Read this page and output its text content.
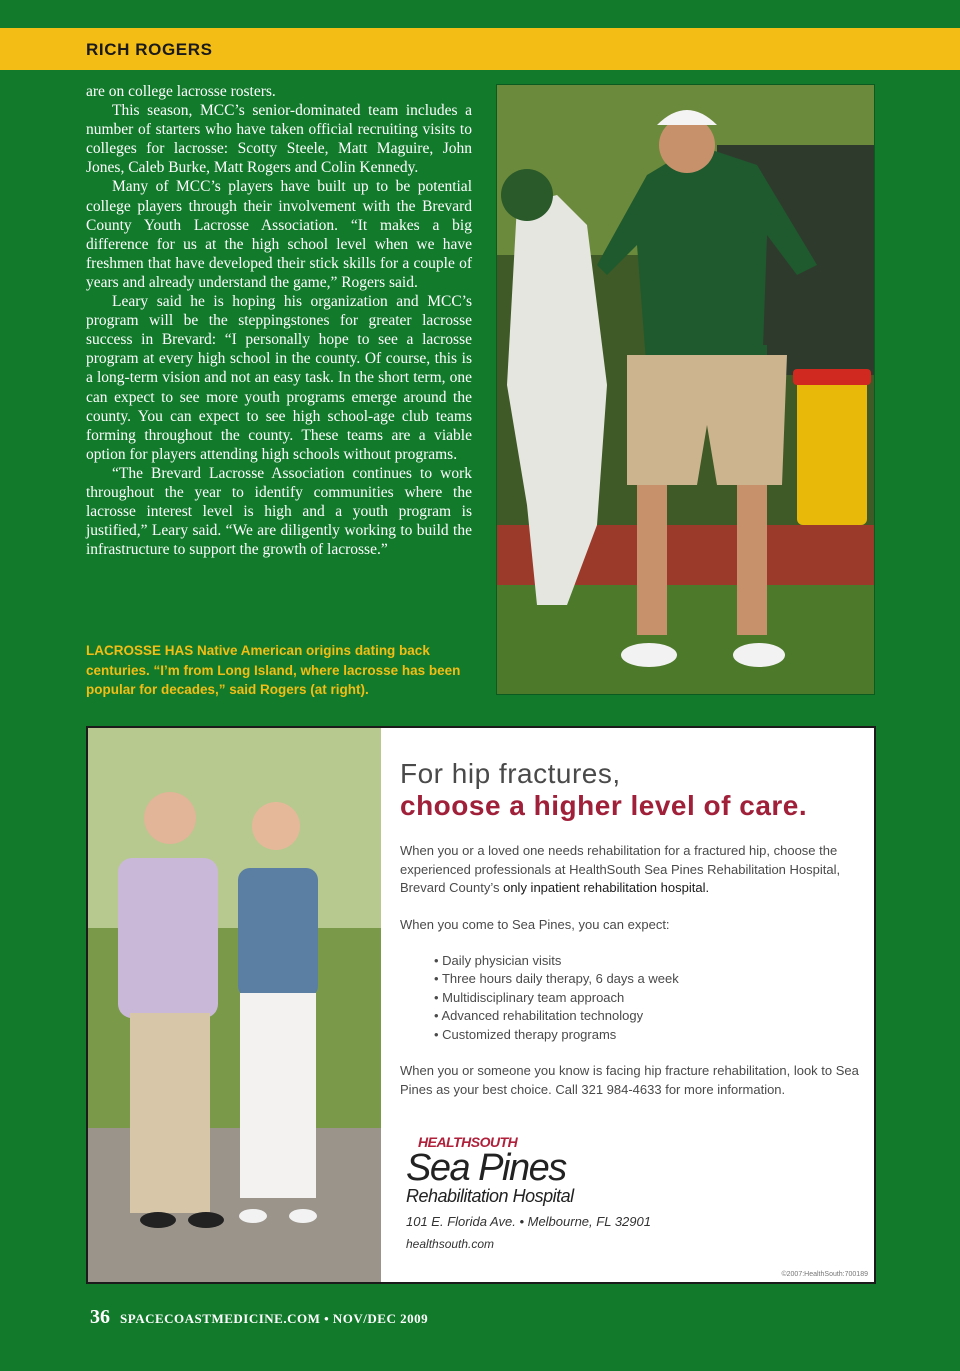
RICH ROGERS

are on college lacrosse rosters.

This season, MCC’s senior-dominated team includes a number of starters who have taken official recruiting visits to colleges for lacrosse: Scotty Steele, Matt Maguire, John Jones, Caleb Burke, Matt Rogers and Colin Kennedy.

Many of MCC’s players have built up to be potential college players through their involvement with the Brevard County Youth Lacrosse Association. “It makes a big difference for us at the high school level when we have freshmen that have developed their stick skills for a couple of years and already understand the game,” Rogers said.

Leary said he is hoping his organization and MCC’s program will be the steppingstones for greater lacrosse success in Brevard: “I personally hope to see a lacrosse program at every high school in the county. Of course, this is a long-term vision and not an easy task. In the short term, one can expect to see more youth programs emerge around the county. You can expect to see high school-age club teams forming throughout the county. These teams are a viable option for players attending high schools without programs.

“The Brevard Lacrosse Association continues to work throughout the year to identify communities where the lacrosse interest level is high and a youth program is justified,” Leary said. “We are diligently working to build the infrastructure to support the growth of lacrosse.”

LACROSSE HAS Native American origins dating back centuries. “I’m from Long Island, where lacrosse has been popular for decades,” said Rogers (at right).
For hip fractures,
choose a higher level of care.
When you or a loved one needs rehabilitation for a fractured hip, choose the experienced professionals at HealthSouth Sea Pines Rehabilitation Hospital, Brevard County’s only inpatient rehabilitation hospital.
When you come to Sea Pines, you can expect:
• Daily physician visits
• Three hours daily therapy, 6 days a week
• Multidisciplinary team approach
• Advanced rehabilitation technology
• Customized therapy programs
When you or someone you know is facing hip fracture rehabilitation, look to Sea Pines as your best choice. Call 321 984-4633 for more information.
HEALTHSOUTH
Sea Pines
Rehabilitation Hospital
101 E. Florida Ave. • Melbourne, FL 32901
healthsouth.com
©2007:HealthSouth:700189
36 SPACECOASTMEDICINE.COM • NOV/DEC 2009
